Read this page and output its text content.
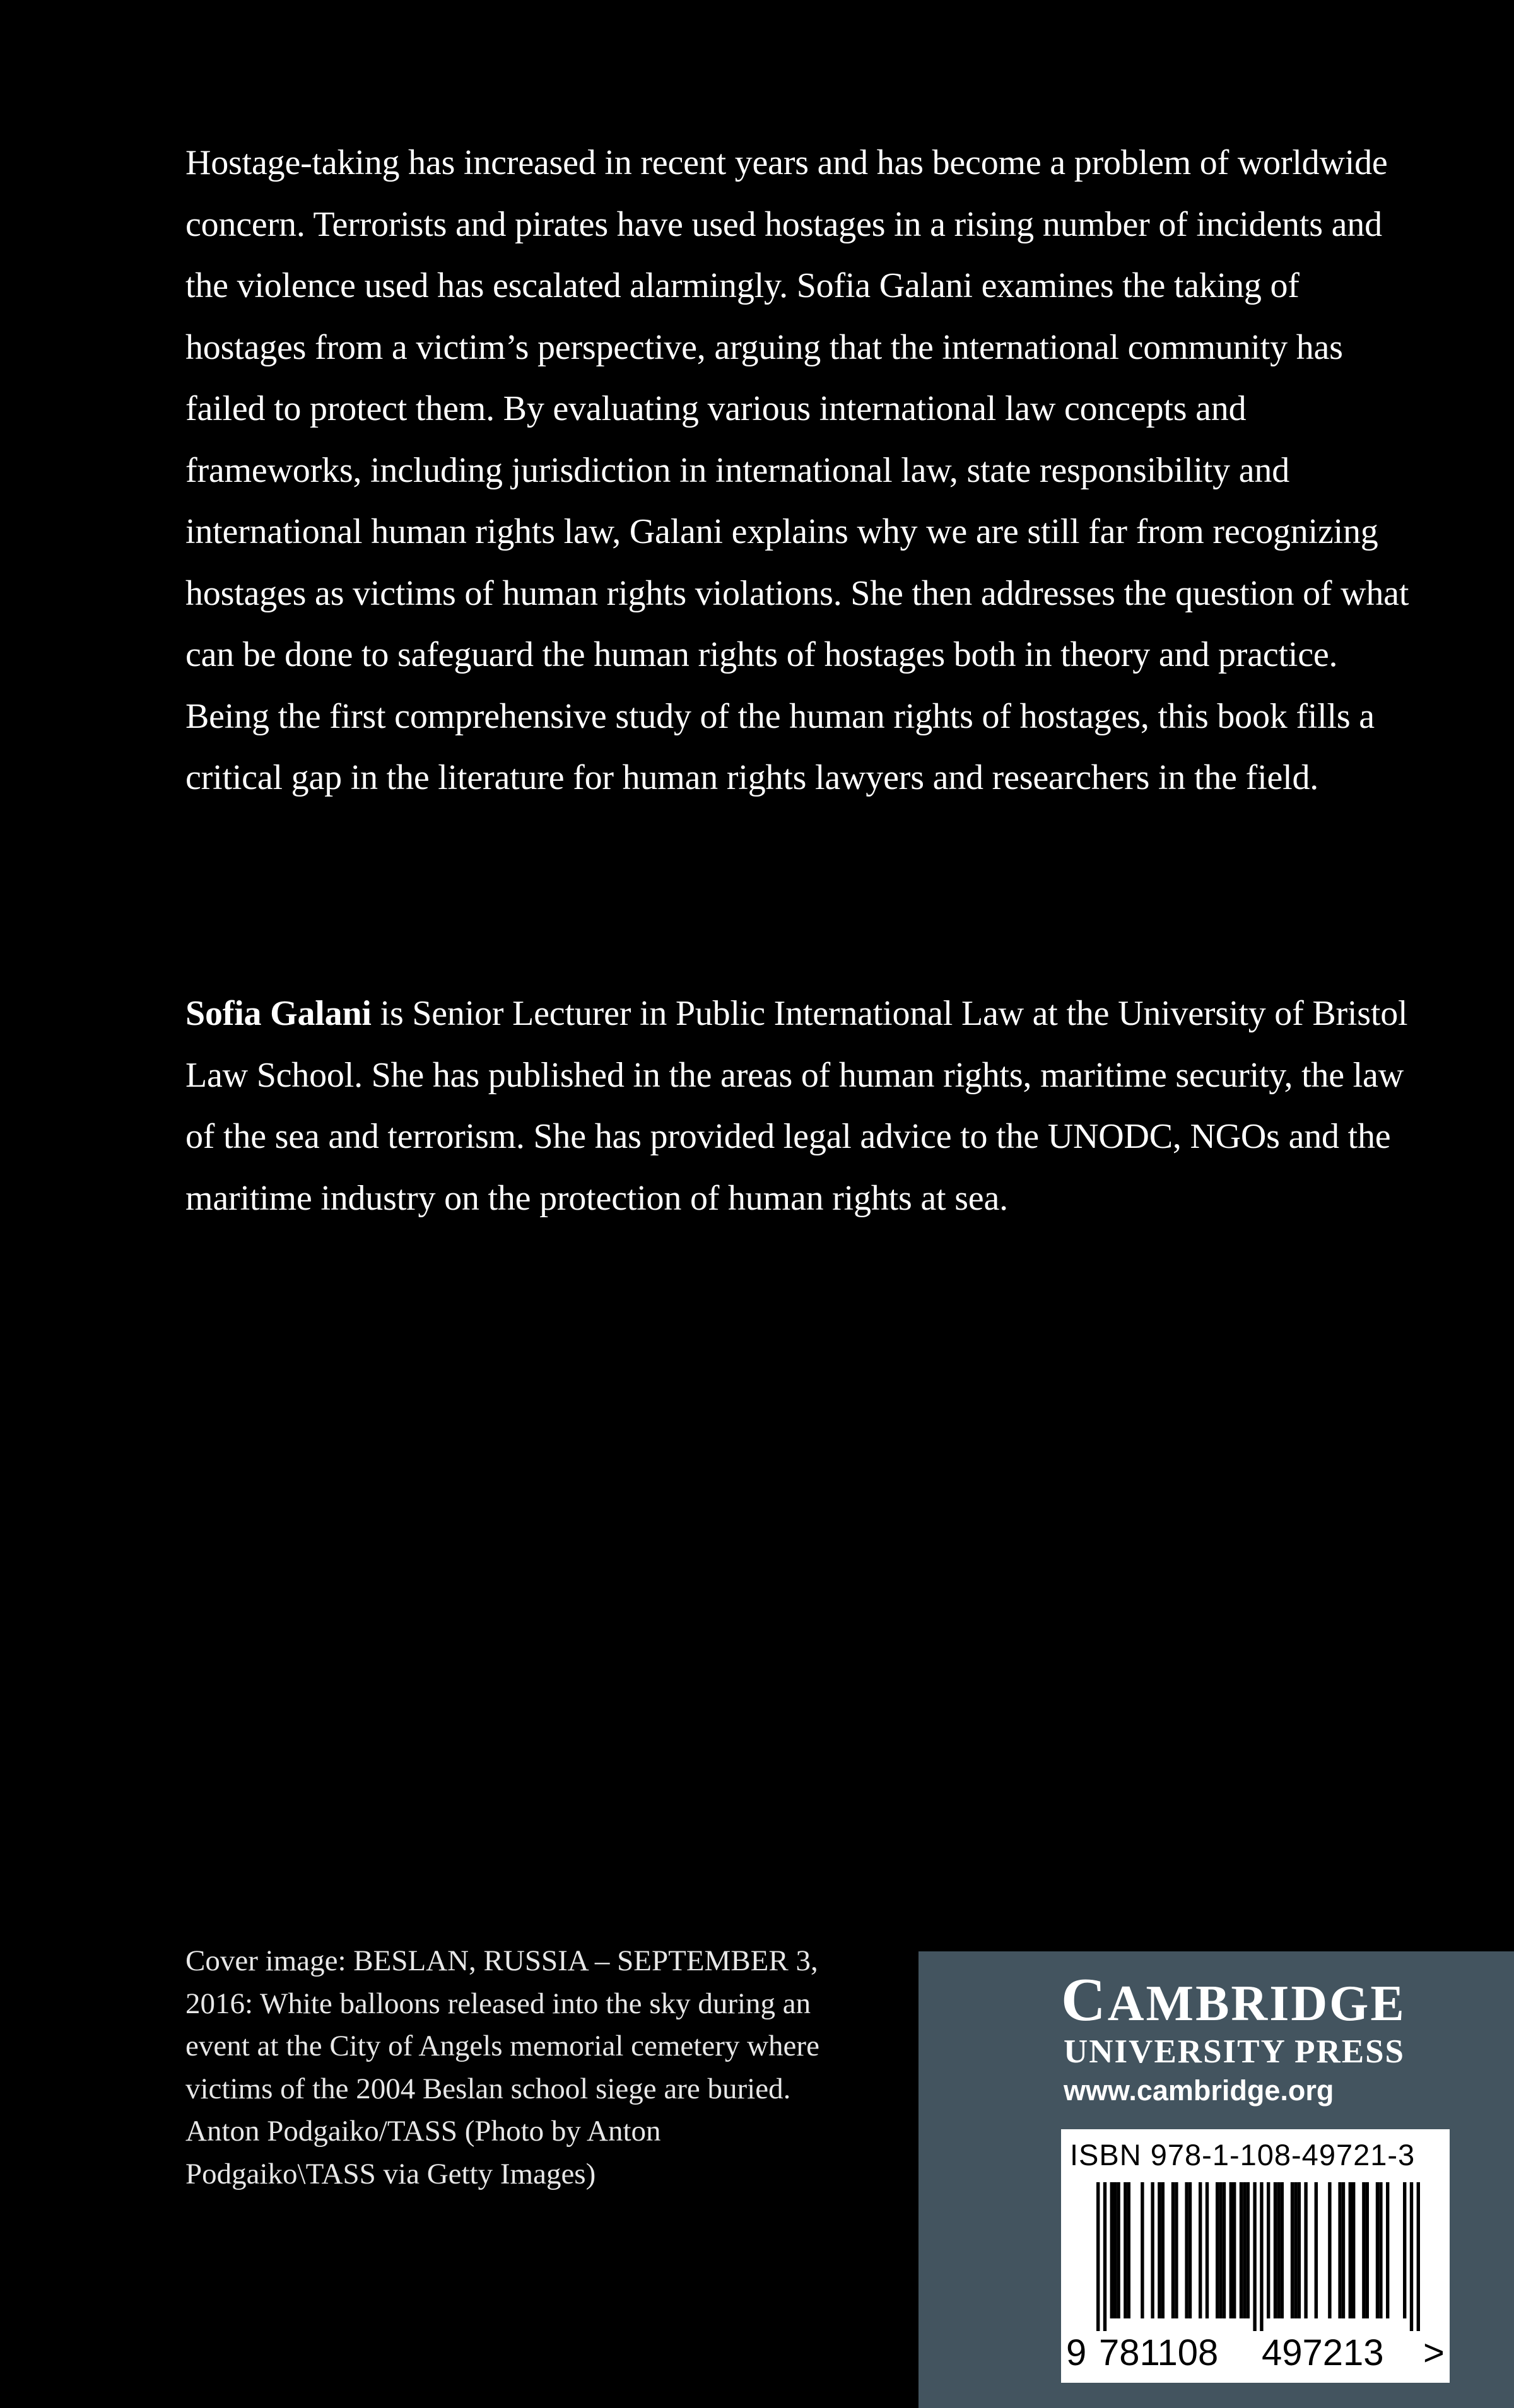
Hostage-taking has increased in recent years and has become a problem of worldwide concern. Terrorists and pirates have used hostages in a rising number of incidents and the violence used has escalated alarmingly. Sofia Galani examines the taking of hostages from a victim’s perspective, arguing that the international community has failed to protect them. By evaluating various international law concepts and frameworks, including jurisdiction in international law, state responsibility and international human rights law, Galani explains why we are still far from recognizing hostages as victims of human rights violations. She then addresses the question of what can be done to safeguard the human rights of hostages both in theory and practice. Being the first comprehensive study of the human rights of hostages, this book fills a critical gap in the literature for human rights lawyers and researchers in the field.

Sofia Galani is Senior Lecturer in Public International Law at the University of Bristol Law School. She has published in the areas of human rights, maritime security, the law of the sea and terrorism. She has provided legal advice to the UNODC, NGOs and the maritime industry on the protection of human rights at sea.

Cover image: BESLAN, RUSSIA – SEPTEMBER 3, 2016: White balloons released into the sky during an event at the City of Angels memorial cemetery where victims of the 2004 Beslan school siege are buried. Anton Podgaiko/TASS (Photo by Anton Podgaiko\TASS via Getty Images)

CAMBRIDGE
UNIVERSITY PRESS
www.cambridge.org
ISBN 978-1-108-49721-3
9 781108 497213 >
